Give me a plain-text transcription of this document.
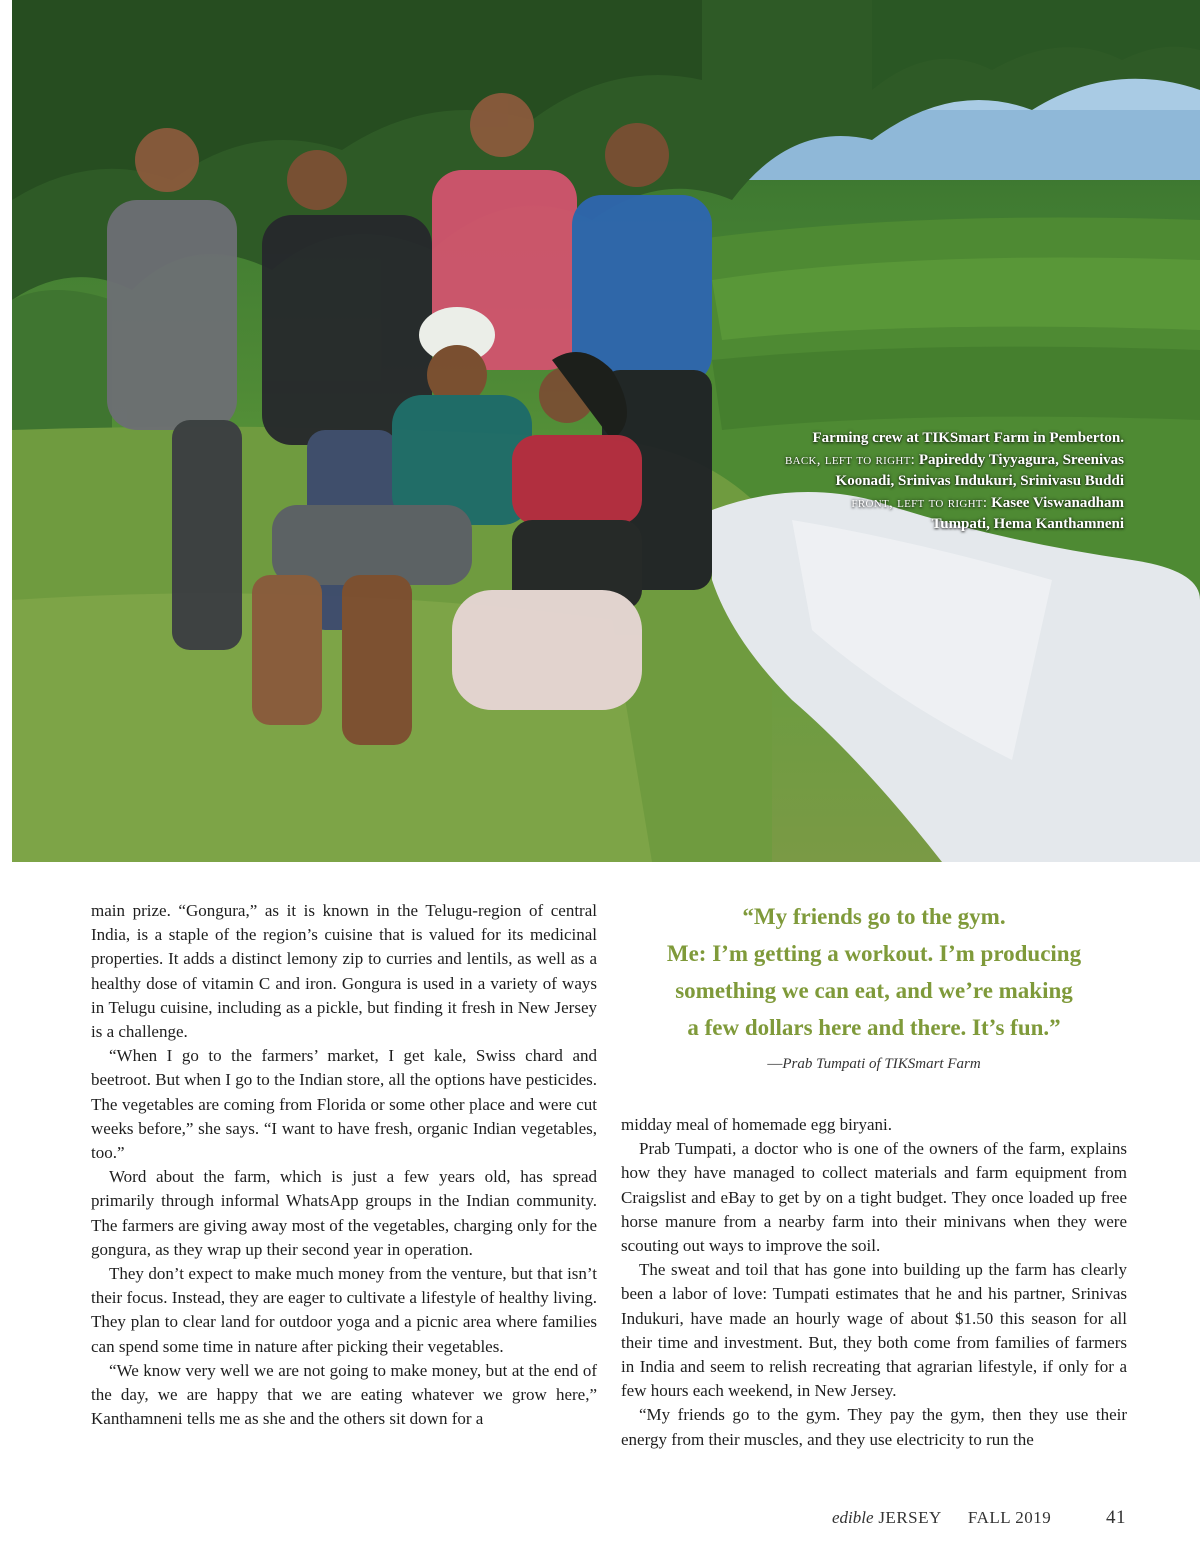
Farming crew at TIKSmart Farm in Pemberton.
back, left to right: Papireddy Tiyyagura, Sreenivas
Koonadi, Srinivas Indukuri, Srinivasu Buddi
front, left to right: Kasee Viswanadham
Tumpati, Hema Kanthamneni

main prize. “Gongura,” as it is known in the Telugu-region of central India, is a staple of the region’s cuisine that is valued for its medicinal properties. It adds a distinct lemony zip to curries and lentils, as well as a healthy dose of vitamin C and iron. Gongura is used in a variety of ways in Telugu cuisine, including as a pickle, but finding it fresh in New Jersey is a challenge.

“When I go to the farmers’ market, I get kale, Swiss chard and beetroot. But when I go to the Indian store, all the options have pesticides. The vegetables are coming from Florida or some other place and were cut weeks before,” she says. “I want to have fresh, organic Indian vegetables, too.”

Word about the farm, which is just a few years old, has spread primarily through informal WhatsApp groups in the Indian community. The farmers are giving away most of the vegetables, charging only for the gongura, as they wrap up their second year in operation.

They don’t expect to make much money from the venture, but that isn’t their focus. Instead, they are eager to cultivate a lifestyle of healthy living. They plan to clear land for outdoor yoga and a picnic area where families can spend some time in nature after picking their vegetables.

“We know very well we are not going to make money, but at the end of the day, we are happy that we are eating whatever we grow here,” Kanthamneni tells me as she and the others sit down for a

“My friends go to the gym.
Me: I’m getting a workout. I’m producing
something we can eat, and we’re making
a few dollars here and there. It’s fun.”
—Prab Tumpati of TIKSmart Farm

midday meal of homemade egg biryani.

Prab Tumpati, a doctor who is one of the owners of the farm, explains how they have managed to collect materials and farm equipment from Craigslist and eBay to get by on a tight budget. They once loaded up free horse manure from a nearby farm into their minivans when they were scouting out ways to improve the soil.

The sweat and toil that has gone into building up the farm has clearly been a labor of love: Tumpati estimates that he and his partner, Srinivas Indukuri, have made an hourly wage of about $1.50 this season for all their time and investment. But, they both come from families of farmers in India and seem to relish recreating that agrarian lifestyle, if only for a few hours each weekend, in New Jersey.

“My friends go to the gym. They pay the gym, then they use their energy from their muscles, and they use electricity to run the

edible JERSEY FALL 2019	41
